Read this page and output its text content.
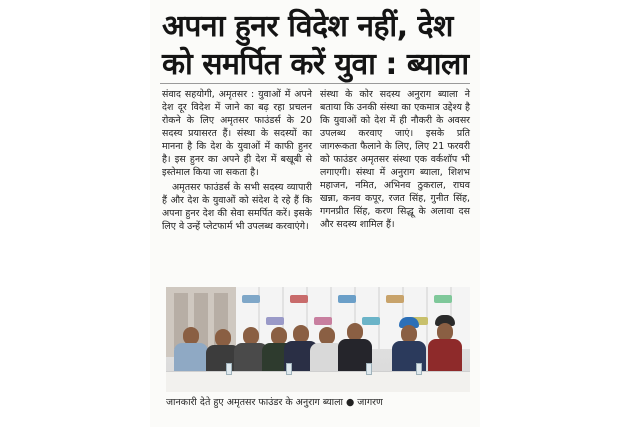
अपना हुनर विदेश नहीं, देश
को समर्पित करें युवा : ब्याला

संवाद सहयोगी, अमृतसर : युवाओं में अपने देश दूर विदेश में जाने का बढ़ रहा प्रचलन रोकने के लिए अमृतसर फाउंडर्स के 20 सदस्य प्रयासरत हैं। संस्था के सदस्यों का मानना है कि देश के युवाओं में काफी हुनर है। इस हुनर का अपने ही देश में बखूबी से इस्तेमाल किया जा सकता है।

अमृतसर फाउंडर्स के सभी सदस्य व्यापारी हैं और देश के युवाओं को संदेश दे रहे हैं कि अपना हुनर देश की सेवा समर्पित करें। इसके लिए वे उन्हें प्लेटफार्म भी उपलब्ध करवाएंगे।

संस्था के कोर सदस्य अनुराग ब्याला ने बताया कि उनकी संस्था का एकमात्र उद्देश्य है कि युवाओं को देश में ही नौकरी के अवसर उपलब्ध करवाए जाएं। इसके प्रति जागरूकता फैलाने के लिए, लिए 21 फरवरी को फाउंडर अमृतसर संस्था एक वर्कशॉप भी लगाएगी। संस्था में अनुराग ब्याला, शिशभ महाजन, नमित, अभिनव ठुकराल, राघव खन्ना, कनव कपूर, रजत सिंह, गुनीत सिंह, गगनप्रीत सिंह, करण सिद्धू के अलावा दस और सदस्य शामिल हैं।

जानकारी देते हुए अमृतसर फाउंडर के अनुराग ब्याला ● जागरण
